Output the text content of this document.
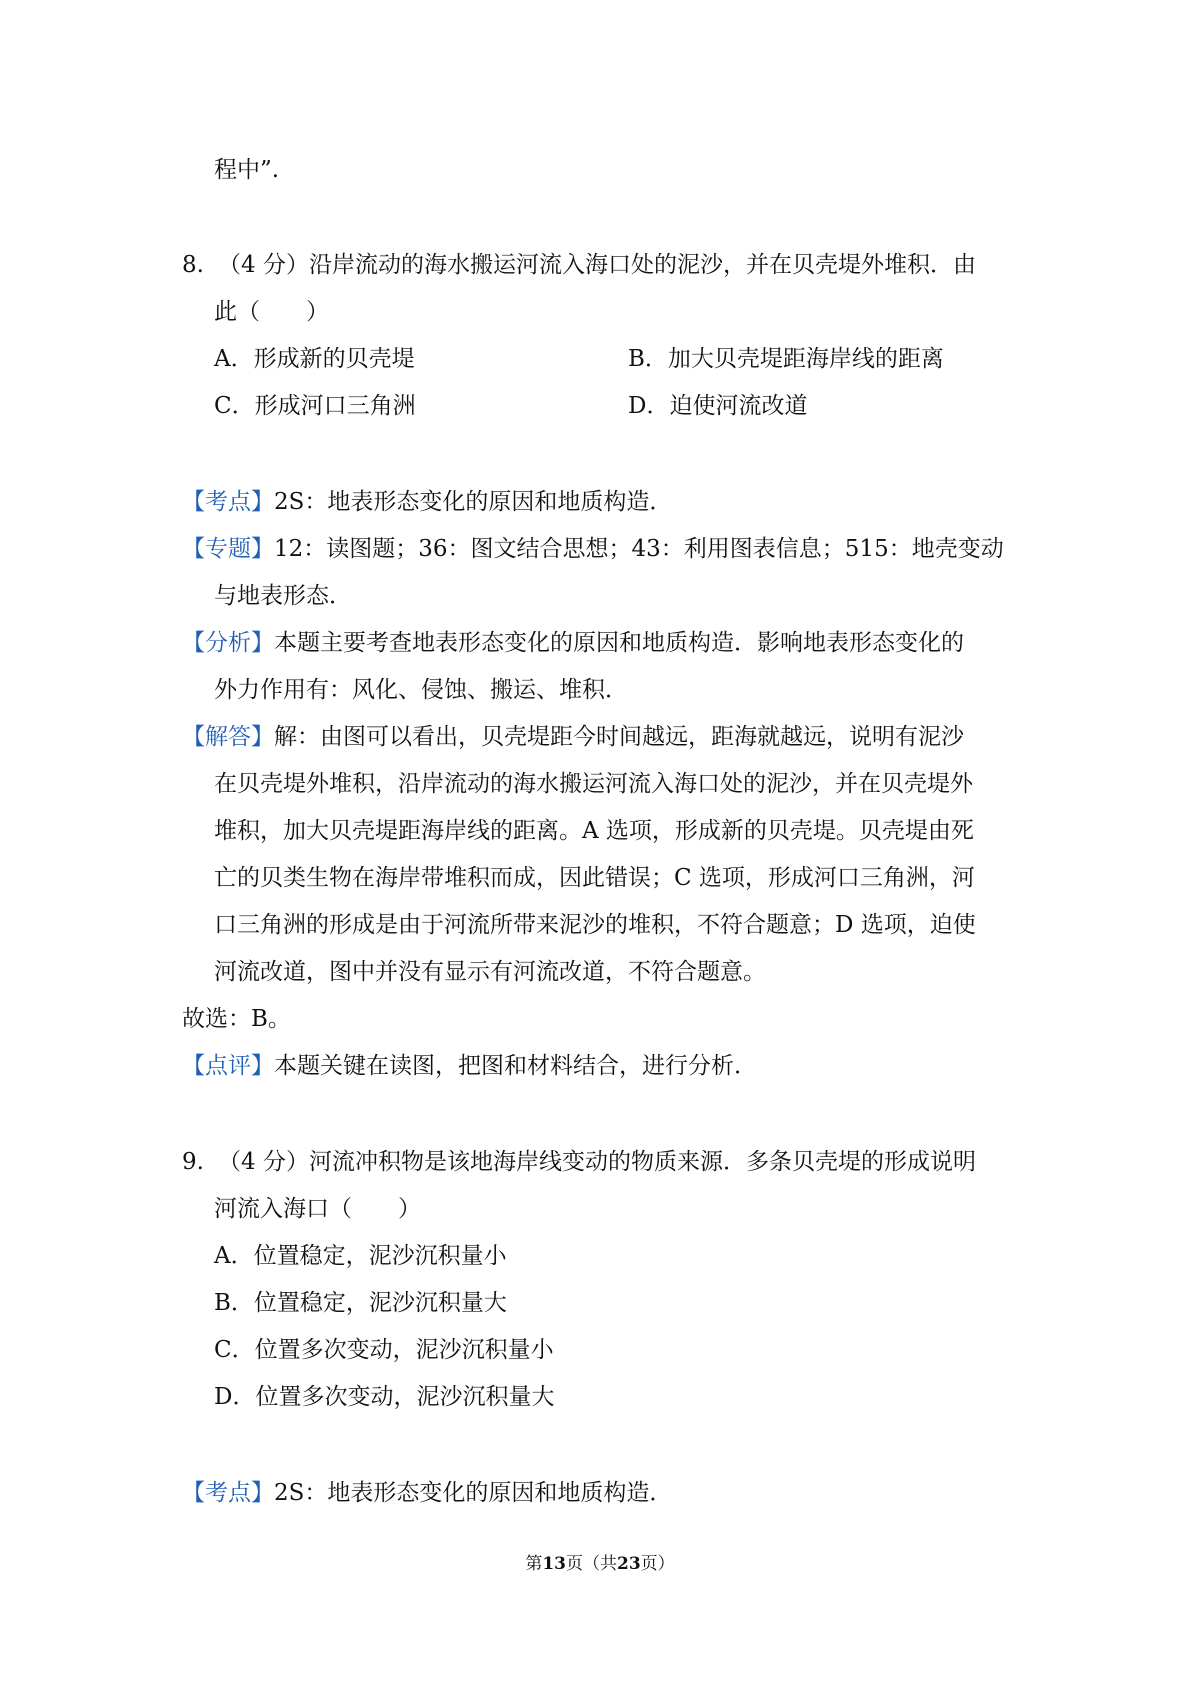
程中”.
8. （4 分）沿岸流动的海水搬运河流入海口处的泥沙，并在贝壳堤外堆积．由
此（　　）
A．形成新的贝壳堤	B．加大贝壳堤距海岸线的距离
C．形成河口三角洲	D．迫使河流改道
【考点】2S：地表形态变化的原因和地质构造．
【专题】12：读图题；36：图文结合思想；43：利用图表信息；515：地壳变动
与地表形态．
【分析】本题主要考查地表形态变化的原因和地质构造．影响地表形态变化的
外力作用有：风化、侵蚀、搬运、堆积．
【解答】解：由图可以看出，贝壳堤距今时间越远，距海就越远，说明有泥沙
在贝壳堤外堆积，沿岸流动的海水搬运河流入海口处的泥沙，并在贝壳堤外
堆积，加大贝壳堤距海岸线的距离。A 选项，形成新的贝壳堤。贝壳堤由死
亡的贝类生物在海岸带堆积而成，因此错误；C 选项，形成河口三角洲，河
口三角洲的形成是由于河流所带来泥沙的堆积，不符合题意；D 选项，迫使
河流改道，图中并没有显示有河流改道，不符合题意。
故选：B。
【点评】本题关键在读图，把图和材料结合，进行分析．
9. （4 分）河流冲积物是该地海岸线变动的物质来源．多条贝壳堤的形成说明
河流入海口（　　）
A．位置稳定，泥沙沉积量小
B．位置稳定，泥沙沉积量大
C．位置多次变动，泥沙沉积量小
D．位置多次变动，泥沙沉积量大
【考点】2S：地表形态变化的原因和地质构造．
第13页（共23页）
